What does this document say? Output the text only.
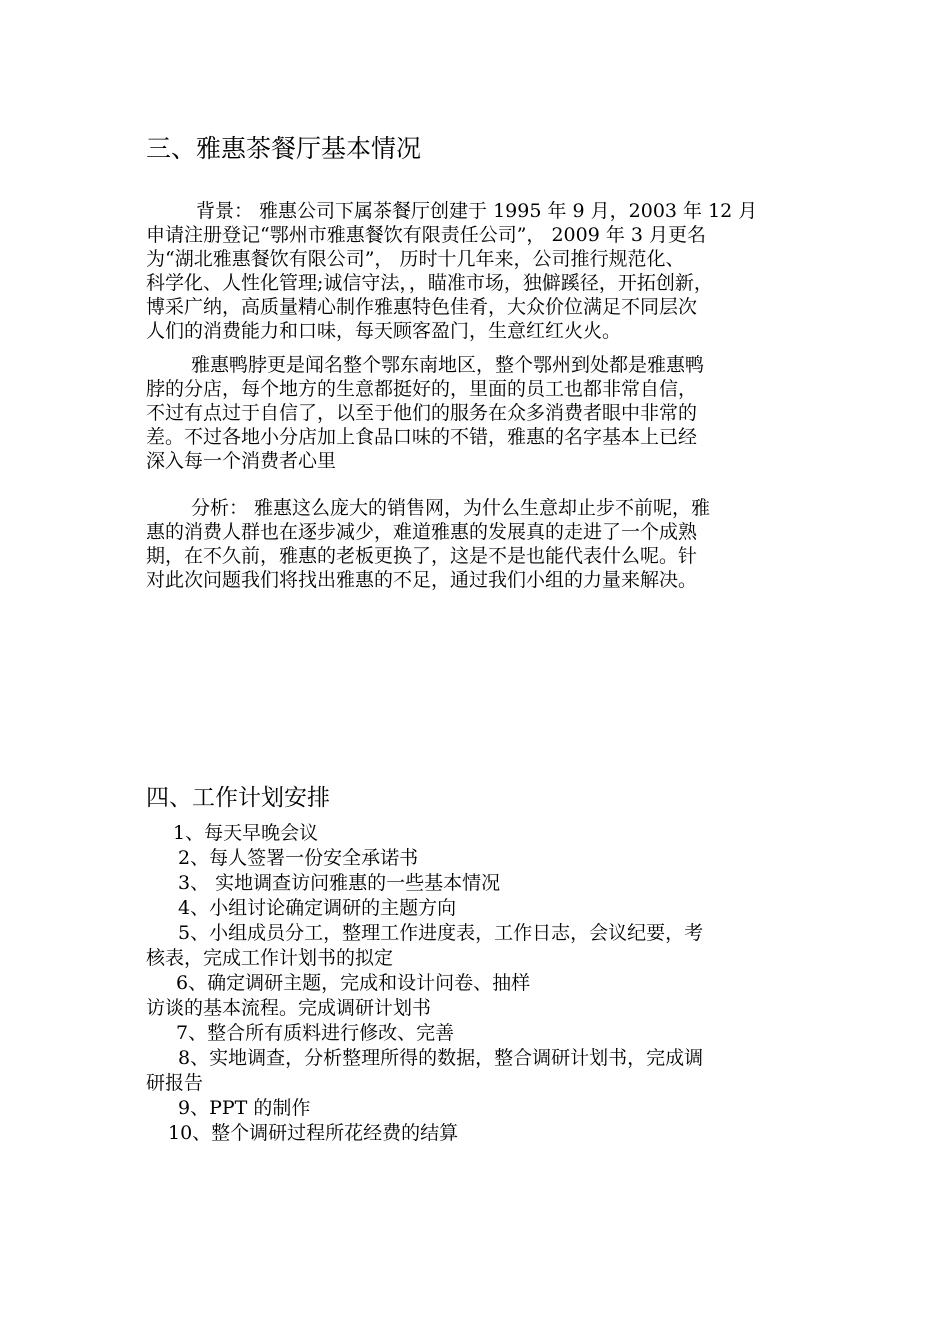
三、雅惠茶餐厅基本情况
背景： 雅惠公司下属茶餐厅创建于 1995 年 9 月，2003 年 12 月
申请注册登记“鄂州市雅惠餐饮有限责任公司”， 2009 年 3 月更名
为“湖北雅惠餐饮有限公司”， 历时十几年来，公司推行规范化、
科学化、人性化管理;诚信守法，，瞄准市场，独僻蹊径，开拓创新，
博采广纳，高质量精心制作雅惠特色佳肴，大众价位满足不同层次
人们的消费能力和口味，每天顾客盈门，生意红红火火。
雅惠鸭脖更是闻名整个鄂东南地区，整个鄂州到处都是雅惠鸭
脖的分店，每个地方的生意都挺好的，里面的员工也都非常自信，
不过有点过于自信了，以至于他们的服务在众多消费者眼中非常的
差。不过各地小分店加上食品口味的不错，雅惠的名字基本上已经
深入每一个消费者心里
分析： 雅惠这么庞大的销售网，为什么生意却止步不前呢，雅
惠的消费人群也在逐步减少，难道雅惠的发展真的走进了一个成熟
期，在不久前，雅惠的老板更换了，这是不是也能代表什么呢。针
对此次问题我们将找出雅惠的不足，通过我们小组的力量来解决。
四、工作计划安排
1、每天早晚会议
2、每人签署一份安全承诺书
3、 实地调查访问雅惠的一些基本情况
4、小组讨论确定调研的主题方向
5、小组成员分工，整理工作进度表，工作日志，会议纪要，考
核表，完成工作计划书的拟定
6、确定调研主题，完成和设计问卷、抽样
访谈的基本流程。完成调研计划书
7、整合所有质料进行修改、完善
8、实地调查，分析整理所得的数据，整合调研计划书，完成调
研报告
9、PPT 的制作
10、整个调研过程所花经费的结算
